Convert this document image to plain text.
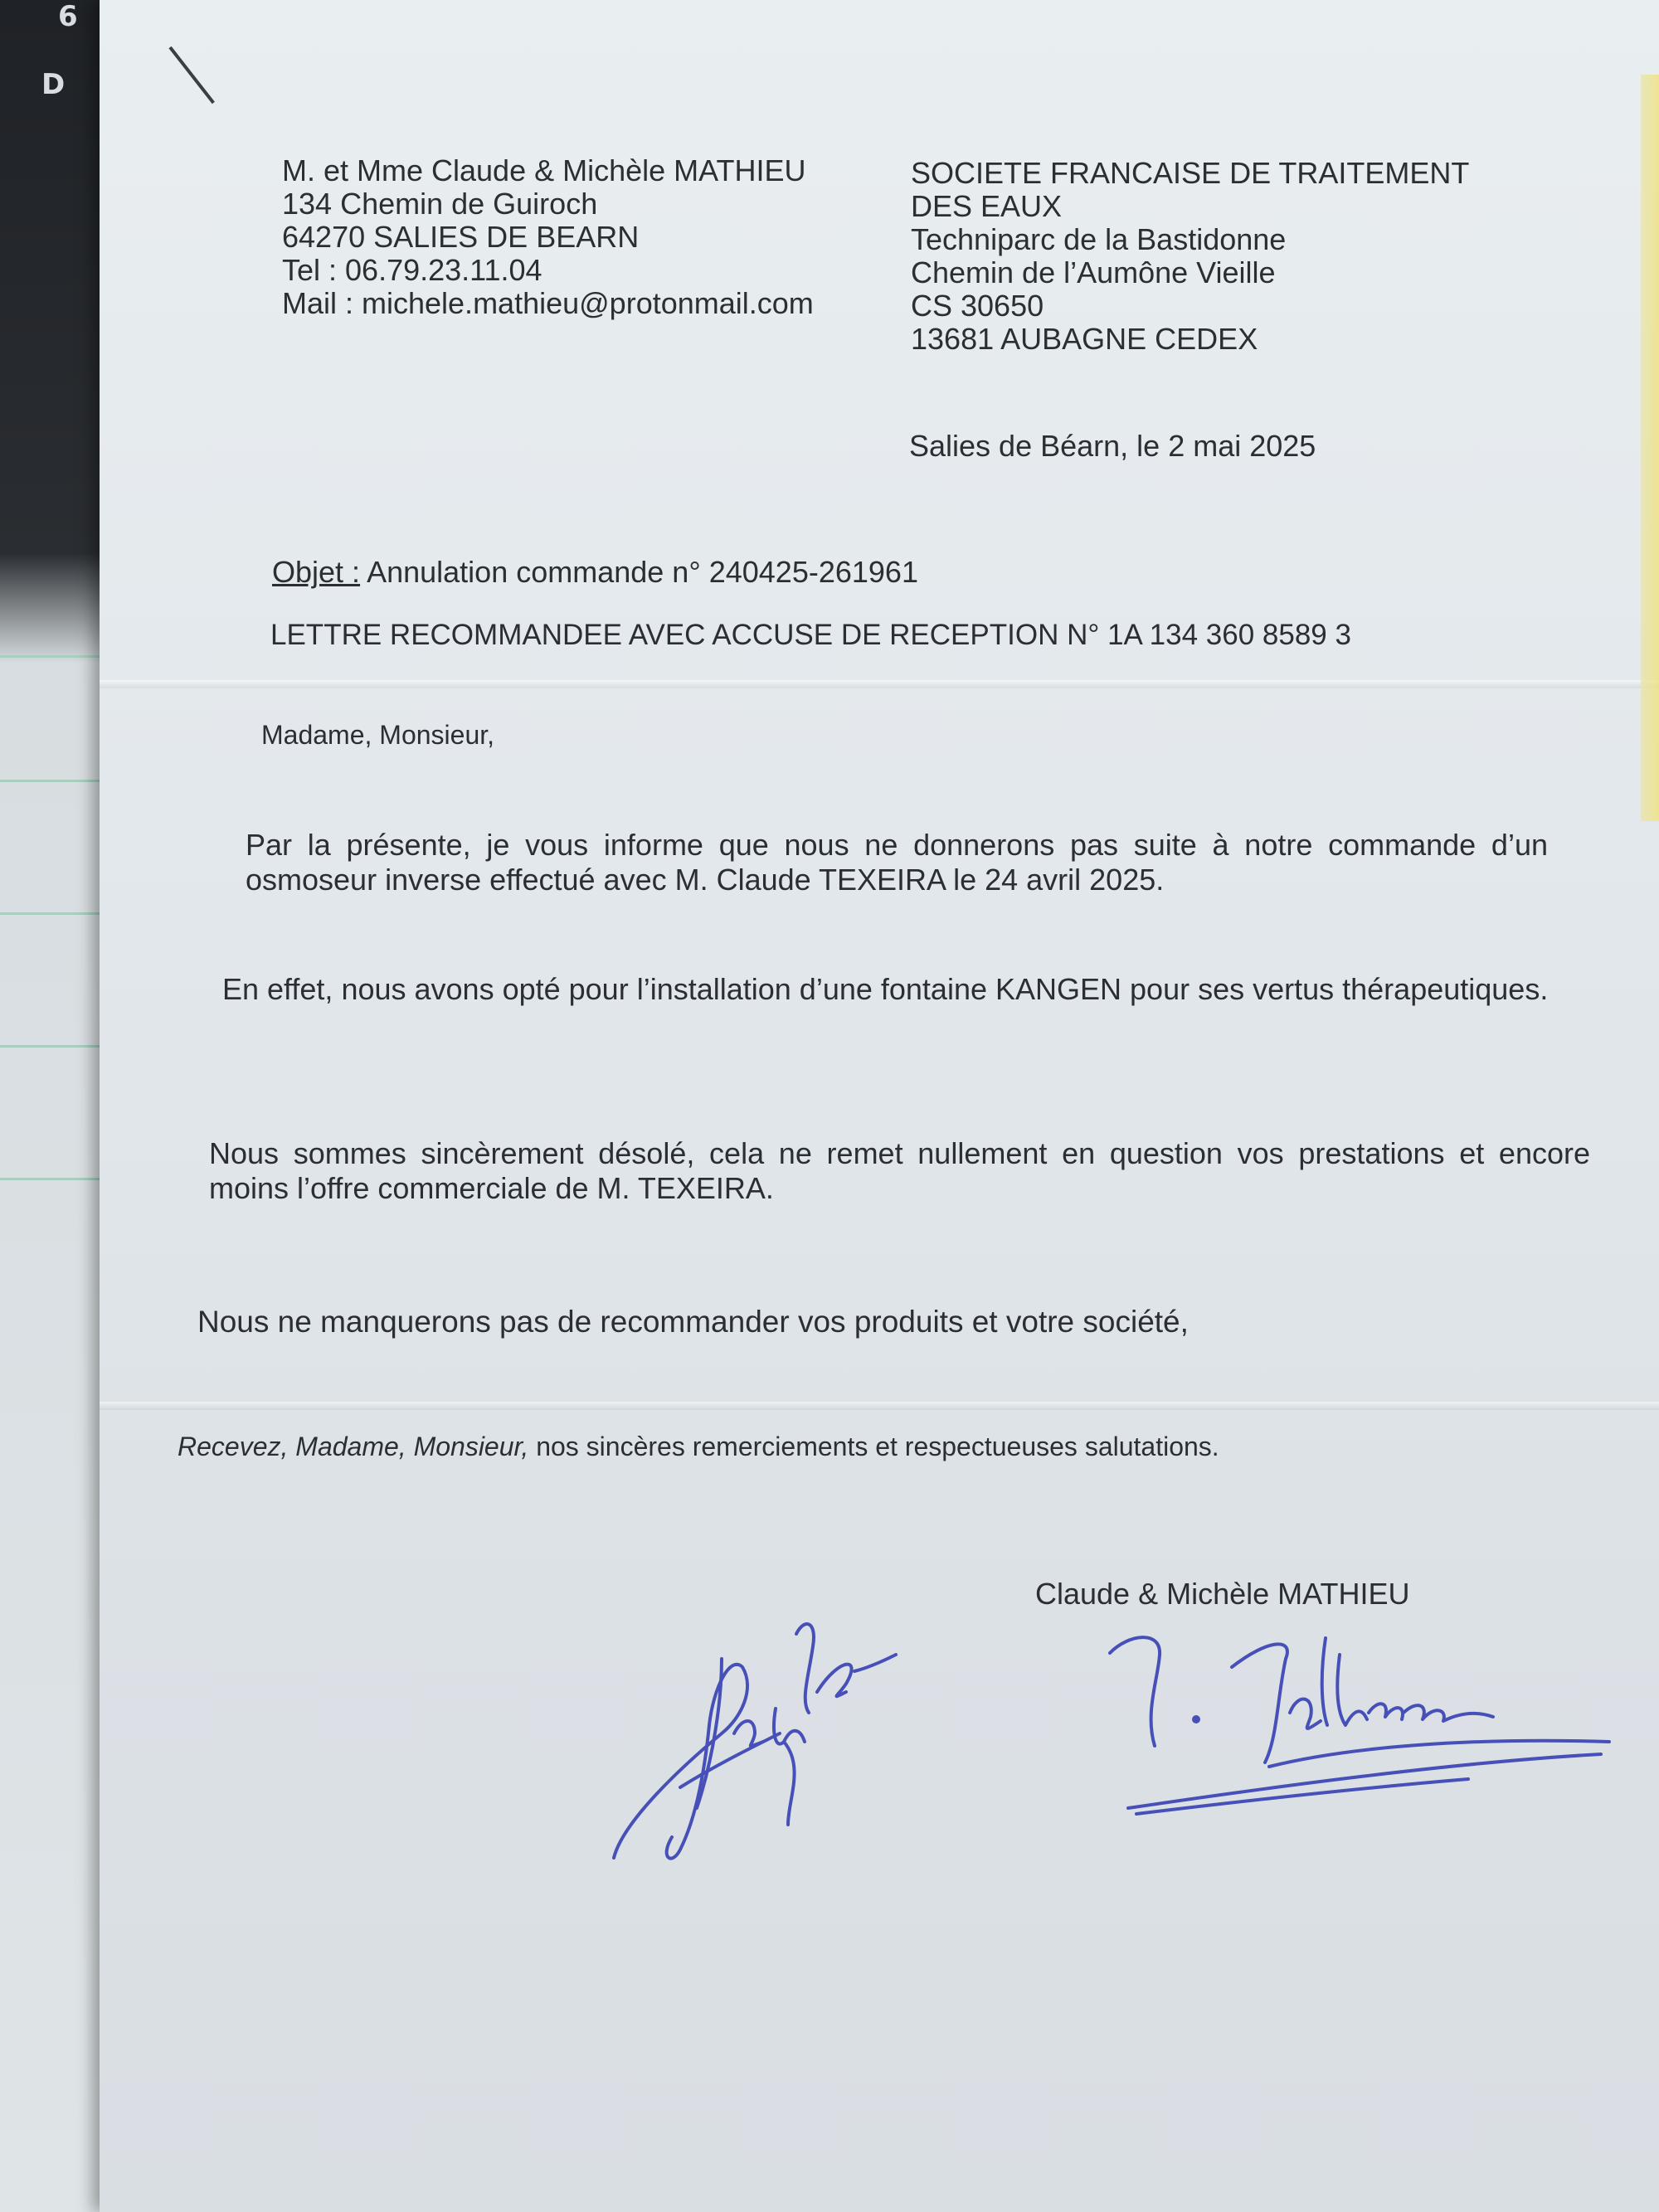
6
D
M. et Mme Claude & Michèle MATHIEU
134 Chemin de Guiroch
64270 SALIES DE BEARN
Tel : 06.79.23.11.04
Mail : michele.mathieu@protonmail.com
SOCIETE FRANCAISE DE TRAITEMENT
DES EAUX
Techniparc de la Bastidonne
Chemin de l’Aumône Vieille
CS 30650
13681 AUBAGNE CEDEX
Salies de Béarn, le 2 mai 2025
Objet : Annulation commande n° 240425-261961
LETTRE RECOMMANDEE AVEC ACCUSE DE RECEPTION N° 1A 134 360 8589 3
Madame, Monsieur,
Par la présente, je vous informe que nous ne donnerons pas suite à notre commande d’un osmoseur inverse effectué avec M. Claude TEXEIRA le 24 avril 2025.
En effet, nous avons opté pour l’installation d’une fontaine KANGEN pour ses vertus thérapeutiques.
Nous sommes sincèrement désolé, cela ne remet nullement en question vos prestations et encore moins l’offre commerciale de M. TEXEIRA.
Nous ne manquerons pas de recommander vos produits et votre société,
Recevez, Madame, Monsieur, nos sincères remerciements et respectueuses salutations.
Claude & Michèle MATHIEU
